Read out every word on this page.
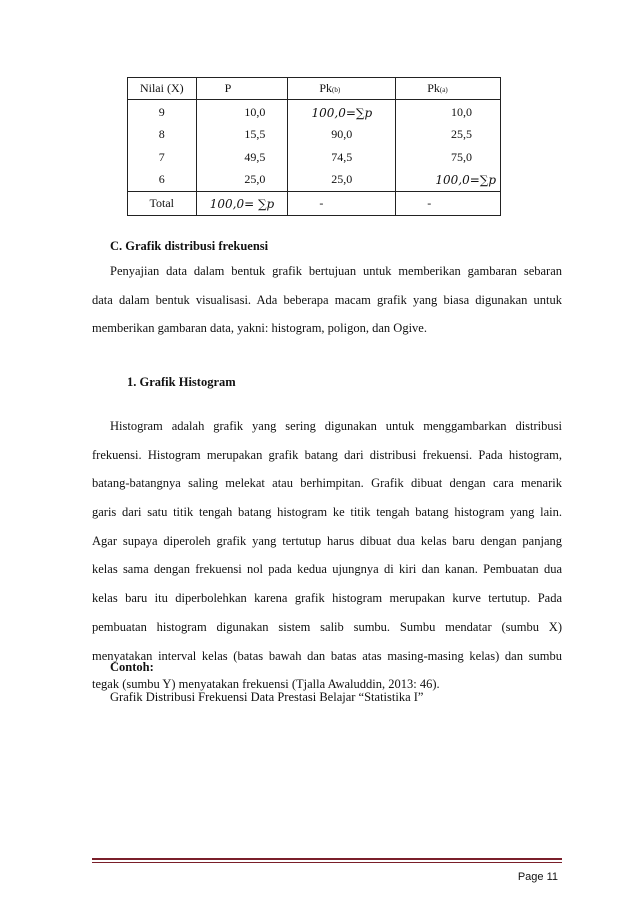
Nilai (X)	P	Pk(b)	Pk(a)
9	10,0	100,0=∑𝑝	10,0
8	15,5	90,0	25,5
7	49,5	74,5	75,0
6	25,0	25,0	100,0=∑𝑝
Total	100,0= ∑𝑝	-	-
C. Grafik distribusi frekuensi
Penyajian data dalam bentuk grafik bertujuan untuk memberikan gambaran sebaran
data dalam bentuk visualisasi. Ada beberapa macam grafik yang biasa digunakan untuk
memberikan gambaran data, yakni: histogram, poligon, dan Ogive.
1. Grafik Histogram
Histogram adalah grafik yang sering digunakan untuk menggambarkan distribusi
frekuensi. Histogram merupakan grafik batang dari distribusi frekuensi. Pada histogram,
batang-batangnya saling melekat atau berhimpitan. Grafik dibuat dengan cara menarik
garis dari satu titik tengah batang histogram ke titik tengah batang histogram yang lain.
Agar supaya diperoleh grafik yang tertutup harus dibuat dua kelas baru dengan panjang
kelas sama dengan frekuensi nol pada kedua ujungnya di kiri dan kanan. Pembuatan dua
kelas baru itu diperbolehkan karena grafik histogram merupakan kurve tertutup. Pada
pembuatan histogram digunakan sistem salib sumbu. Sumbu mendatar (sumbu X)
menyatakan interval kelas (batas bawah dan batas atas masing-masing kelas) dan sumbu
tegak (sumbu Y) menyatakan frekuensi (Tjalla Awaluddin, 2013: 46).
Contoh:
Grafik Distribusi Frekuensi Data Prestasi Belajar “Statistika I”
Page 11
